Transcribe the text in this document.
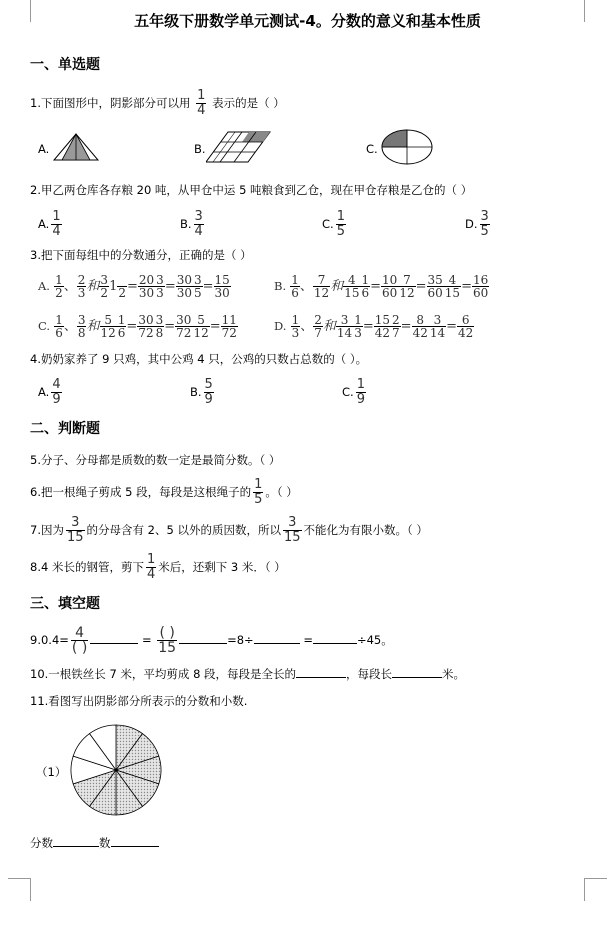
五年级下册数学单元测试-4。分数的意义和基本性质
一、单选题
1.下面图形中，阴影部分可以用 $\frac{1}{4}$ 表示的是（ ）
A.	B.	C.
2.甲乙两仓库各存粮 20 吨，从甲仓中运 5 吨粮食到乙仓，现在甲仓存粮是乙仓的（ ）
A. $\frac{1}{4}$	B. $\frac{3}{4}$	C. $\frac{1}{5}$	D. $\frac{3}{5}$
3.把下面每组中的分数通分，正确的是（ ）
A. $\frac{1}{2}$ 、 $\frac{2}{3}$ 和 $\frac{3}{2} 1$
$2 = \frac{20}{30} \frac{3}{3} = \frac{30}{30} \frac{3}{5} = \frac{15}{30}$	B. $\frac{1}{6}$ 、 $\frac{7}{12}$ 和 $\frac{4}{15} \frac{1}{6} = \frac{10}{60} \frac{7}{12} = \frac{35}{60} \frac{4}{15} = \frac{16}{60}$
C. $\frac{1}{6}$ 、 $\frac{3}{8}$ 和 $\frac{5}{12} \frac{1}{6} = \frac{30}{72} \frac{3}{8} = \frac{30}{72} \frac{5}{12} = \frac{11}{72}$	D. $\frac{1}{3}$ 、 $\frac{2}{7}$ 和 $\frac{3}{14} \frac{1}{3} = \frac{15}{42} \frac{2}{7} = \frac{8}{42} \frac{3}{14} = \frac{6}{42}$
4.奶奶家养了 9 只鸡，其中公鸡 4 只，公鸡的只数占总数的（ ）。
A. $\frac{4}{9}$	B. $\frac{5}{9}$	C. $\frac{1}{9}$
二、判断题
5.分子、分母都是质数的数一定是最简分数。（ ）
6.把一根绳子剪成 5 段，每段是这根绳子的 $\frac{1}{5}$ 。（ ）
7.因为 $\frac{3}{15}$ 的分母含有 2、5 以外的质因数，所以 $\frac{3}{15}$ 不能化为有限小数。（ ）
8.4 米长的钢管，剪下 $\frac{1}{4}$ 米后，还剩下 3 米．（ ）
三、填空题
$9.0.4= \frac{4}{( )}$	= $\frac{( )}{15}$	=8÷	=	÷45。
10.一根铁丝长 7 米，平均剪成 8 段，每段是全长的	，每段长	米。
11.看图写出阴影部分所表示的分数和小数.
（1）
分数	数
